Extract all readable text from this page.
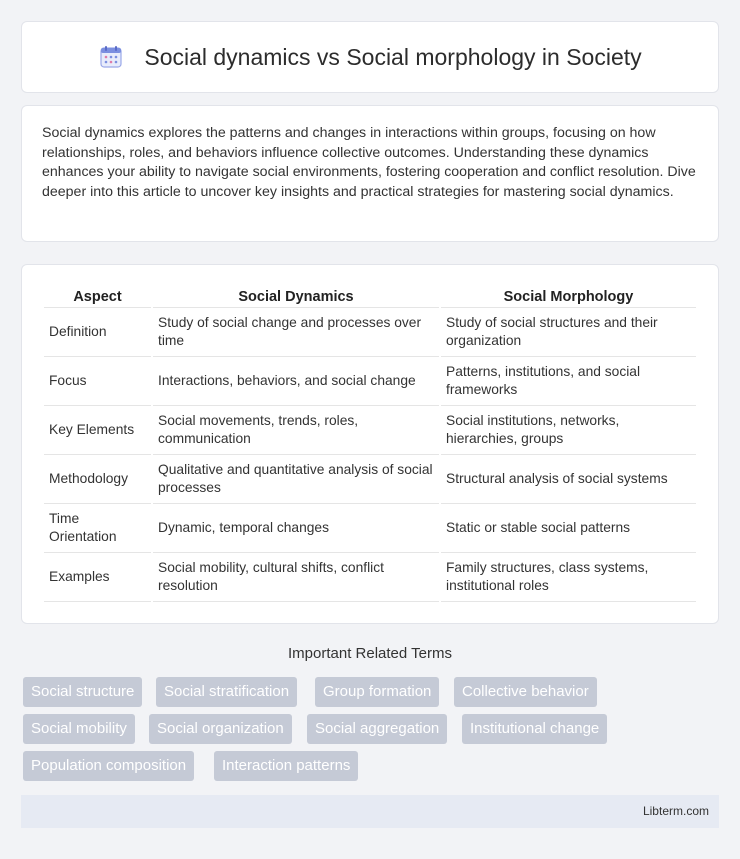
Social dynamics vs Social morphology in Society

Social dynamics explores the patterns and changes in interactions within groups, focusing on how relationships, roles, and behaviors influence collective outcomes. Understanding these dynamics enhances your ability to navigate social environments, fostering cooperation and conflict resolution. Dive deeper into this article to uncover key insights and practical strategies for mastering social dynamics.

Aspect	Social Dynamics	Social Morphology
Definition	Study of social change and processes over time	Study of social structures and their organization
Focus	Interactions, behaviors, and social change	Patterns, institutions, and social frameworks
Key Elements	Social movements, trends, roles, communication	Social institutions, networks, hierarchies, groups
Methodology	Qualitative and quantitative analysis of social processes	Structural analysis of social systems
Time Orientation	Dynamic, temporal changes	Static or stable social patterns
Examples	Social mobility, cultural shifts, conflict resolution	Family structures, class systems, institutional roles
Important Related Terms
Social structure	Social stratification	Group formation	Collective behavior
Social mobility	Social organization	Social aggregation	Institutional change
Population composition	Interaction patterns
Libterm.com
